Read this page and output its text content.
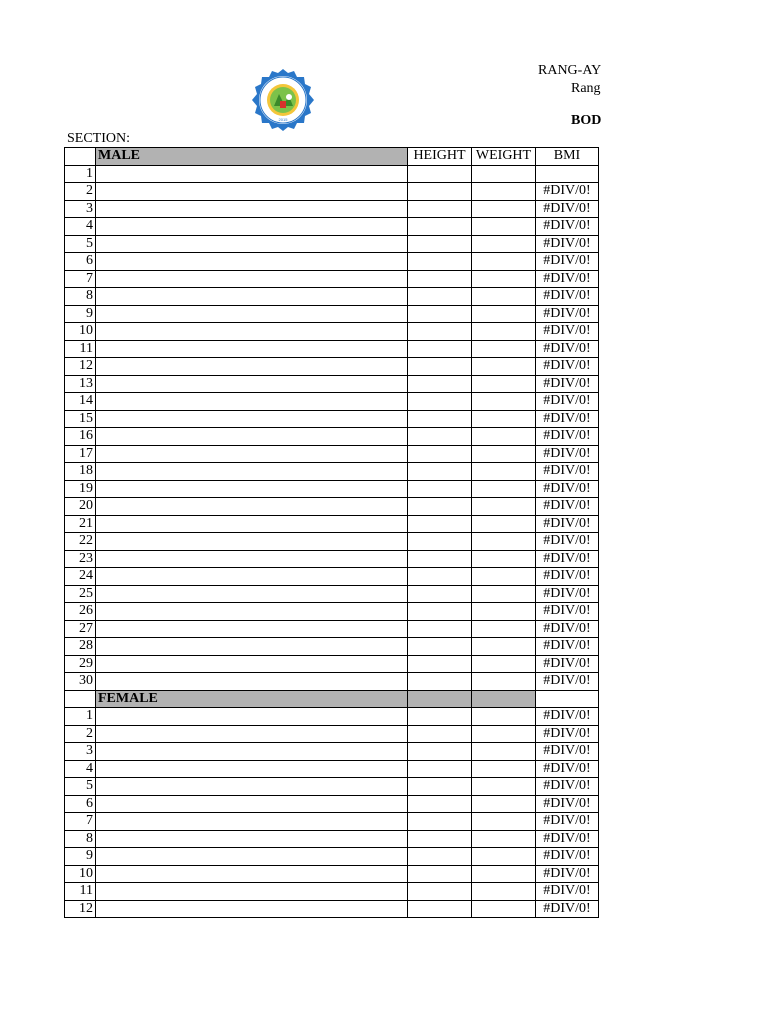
RANG-AY
Rang
BOD
2015
SECTION:
	MALE	HEIGHT	WEIGHT	BMI
1				
2				#DIV/0!
3				#DIV/0!
4				#DIV/0!
5				#DIV/0!
6				#DIV/0!
7				#DIV/0!
8				#DIV/0!
9				#DIV/0!
10				#DIV/0!
11				#DIV/0!
12				#DIV/0!
13				#DIV/0!
14				#DIV/0!
15				#DIV/0!
16				#DIV/0!
17				#DIV/0!
18				#DIV/0!
19				#DIV/0!
20				#DIV/0!
21				#DIV/0!
22				#DIV/0!
23				#DIV/0!
24				#DIV/0!
25				#DIV/0!
26				#DIV/0!
27				#DIV/0!
28				#DIV/0!
29				#DIV/0!
30				#DIV/0!
	FEMALE			
1				#DIV/0!
2				#DIV/0!
3				#DIV/0!
4				#DIV/0!
5				#DIV/0!
6				#DIV/0!
7				#DIV/0!
8				#DIV/0!
9				#DIV/0!
10				#DIV/0!
11				#DIV/0!
12				#DIV/0!
